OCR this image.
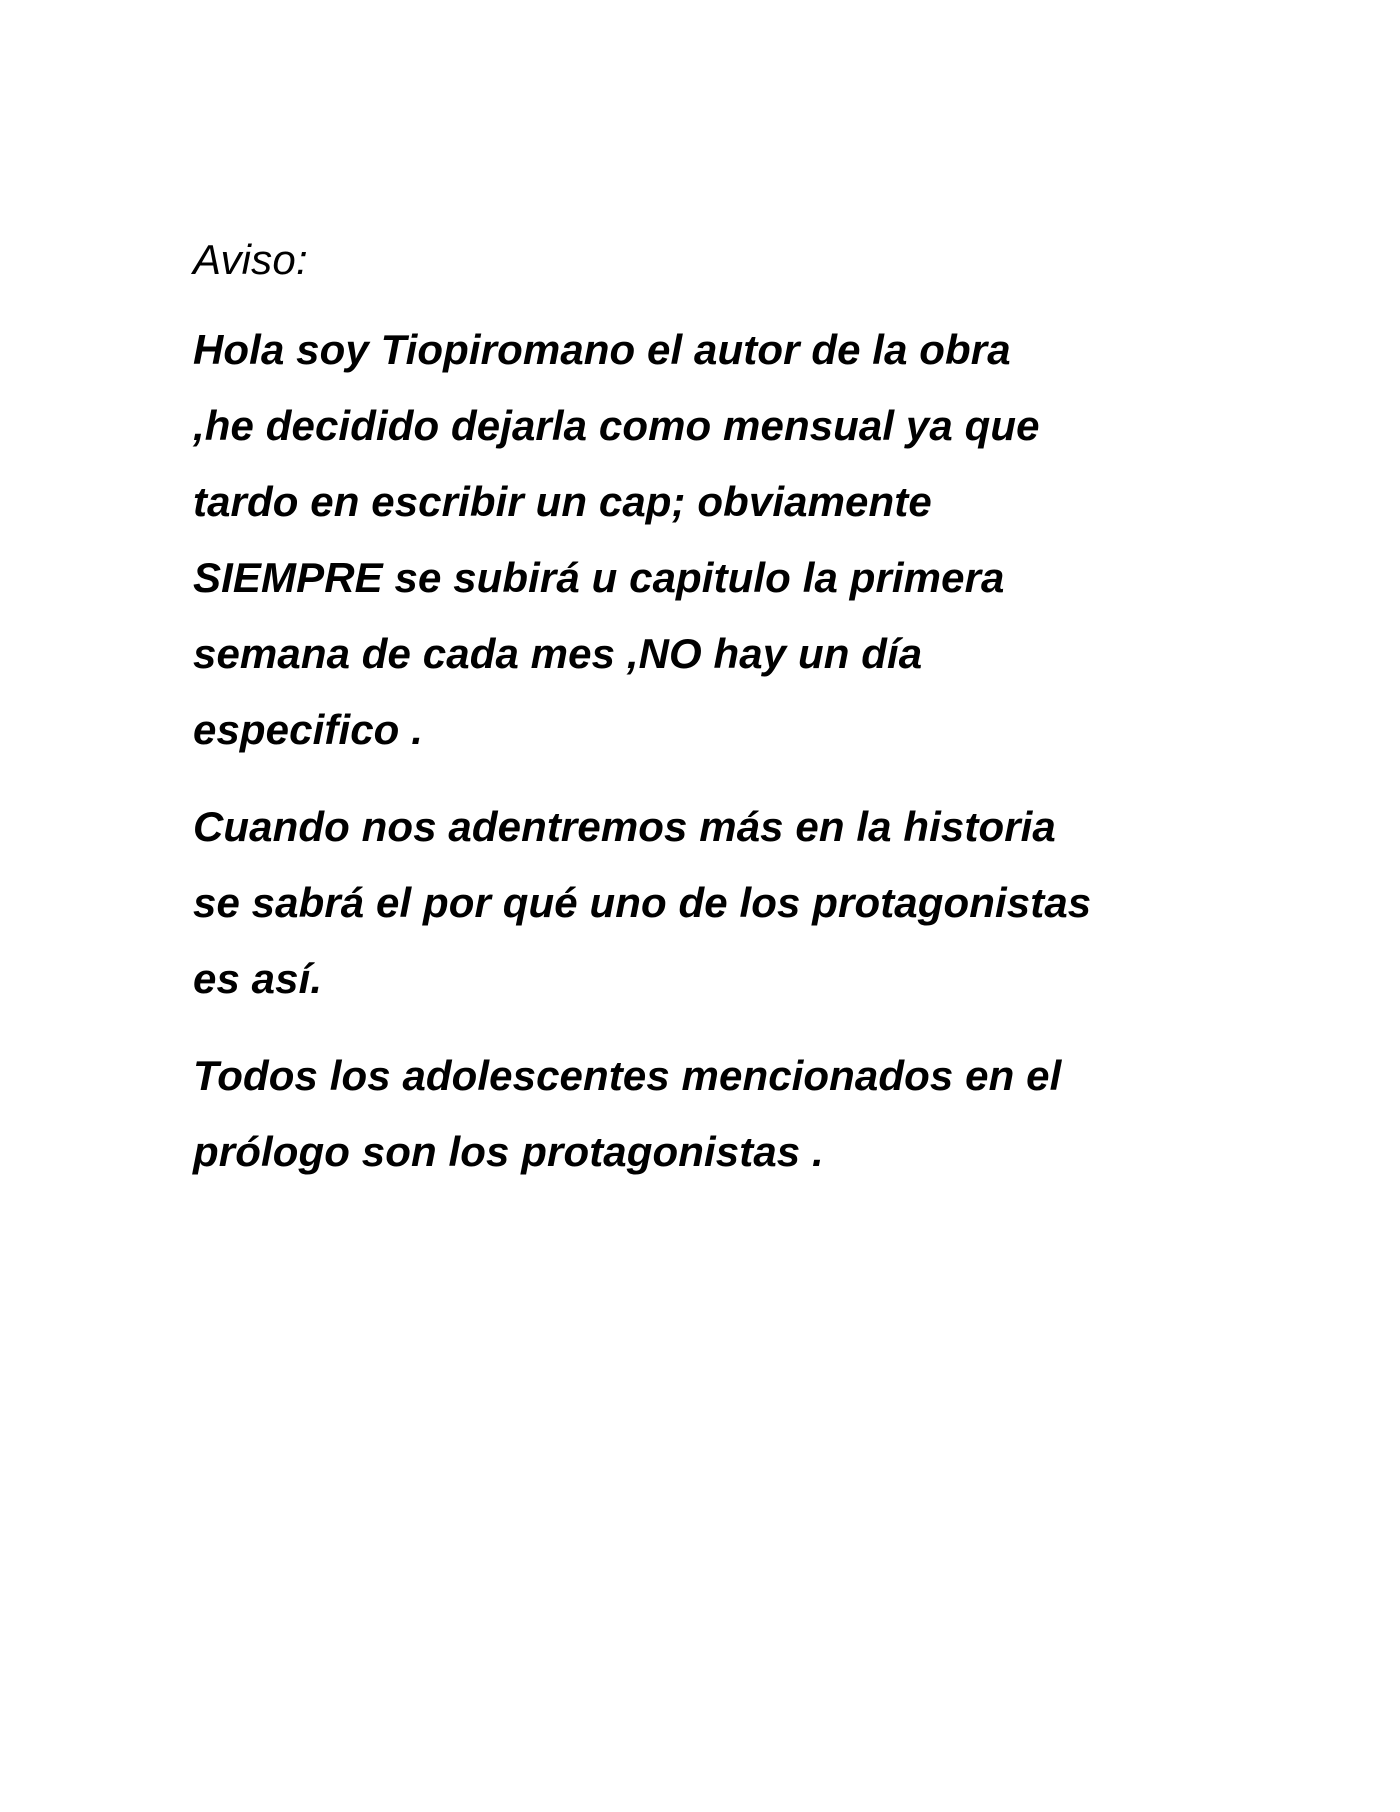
Aviso:
Hola soy Tiopiromano el autor de la obra
,he decidido dejarla como mensual ya que
tardo en escribir un cap; obviamente
SIEMPRE se subirá u capitulo la primera
semana de cada mes ,NO hay un día
especifico .
Cuando nos adentremos más en la historia
se sabrá el por qué uno de los protagonistas
es así.
Todos los adolescentes mencionados en el
prólogo son los protagonistas .
